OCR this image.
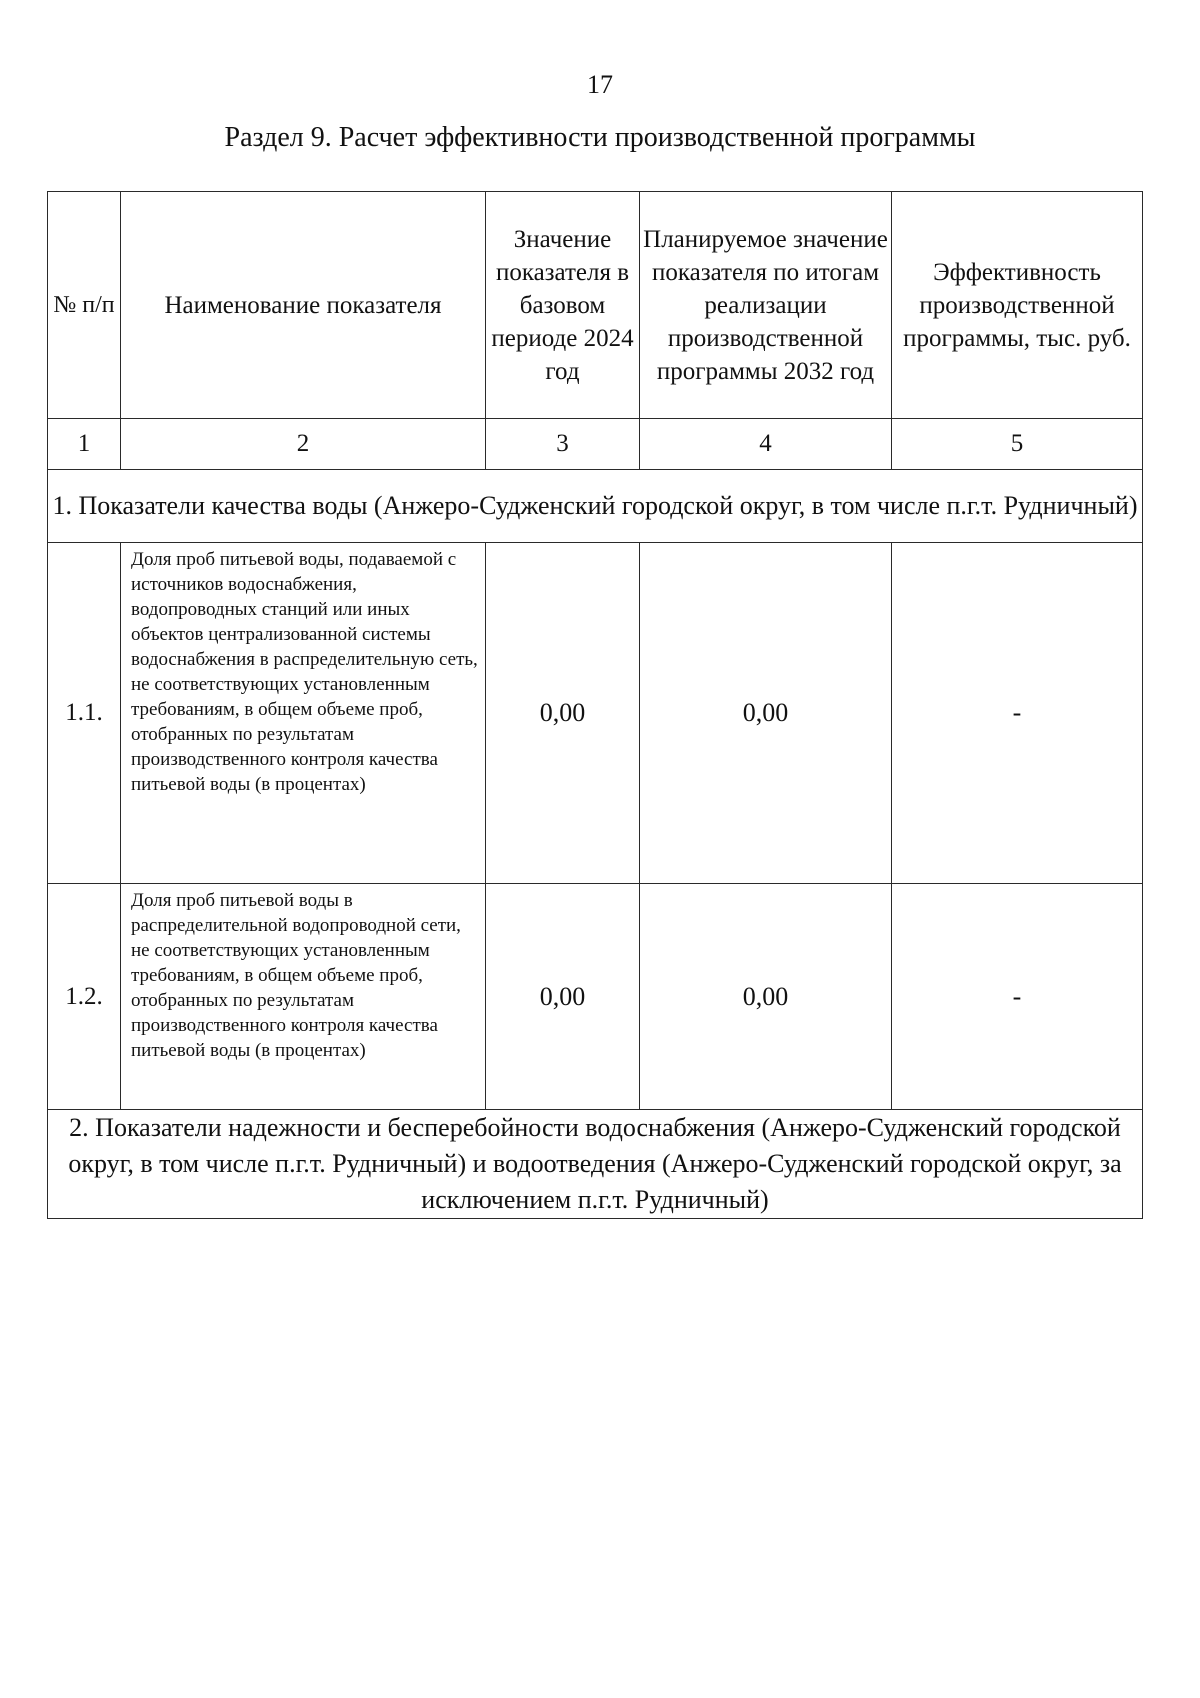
17
Раздел 9. Расчет эффективности производственной программы
№ п/п	Наименование показателя	Значение показателя в базовом периоде 2024 год	Планируемое значение показателя по итогам реализации производственной программы 2032 год	Эффективность производственной программы, тыс. руб.
1	2	3	4	5
1. Показатели качества воды (Анжеро-Судженский городской округ, в том числе п.г.т. Рудничный)				
1.1.	Доля проб питьевой воды, подаваемой с источников водоснабжения, водопроводных станций или иных объектов централизованной системы водоснабжения в распределительную сеть, не соответствующих установленным требованиям, в общем объеме проб, отобранных по результатам производственного контроля качества питьевой воды (в процентах)	0,00	0,00	-
1.2.	Доля проб питьевой воды в распределительной водопроводной сети, не соответствующих установленным требованиям, в общем объеме проб, отобранных по результатам производственного контроля качества питьевой воды (в процентах)	0,00	0,00	-
2. Показатели надежности и бесперебойности водоснабжения (Анжеро-Судженский городской округ, в том числе п.г.т. Рудничный) и водоотведения (Анжеро-Судженский городской округ, за исключением п.г.т. Рудничный)				
